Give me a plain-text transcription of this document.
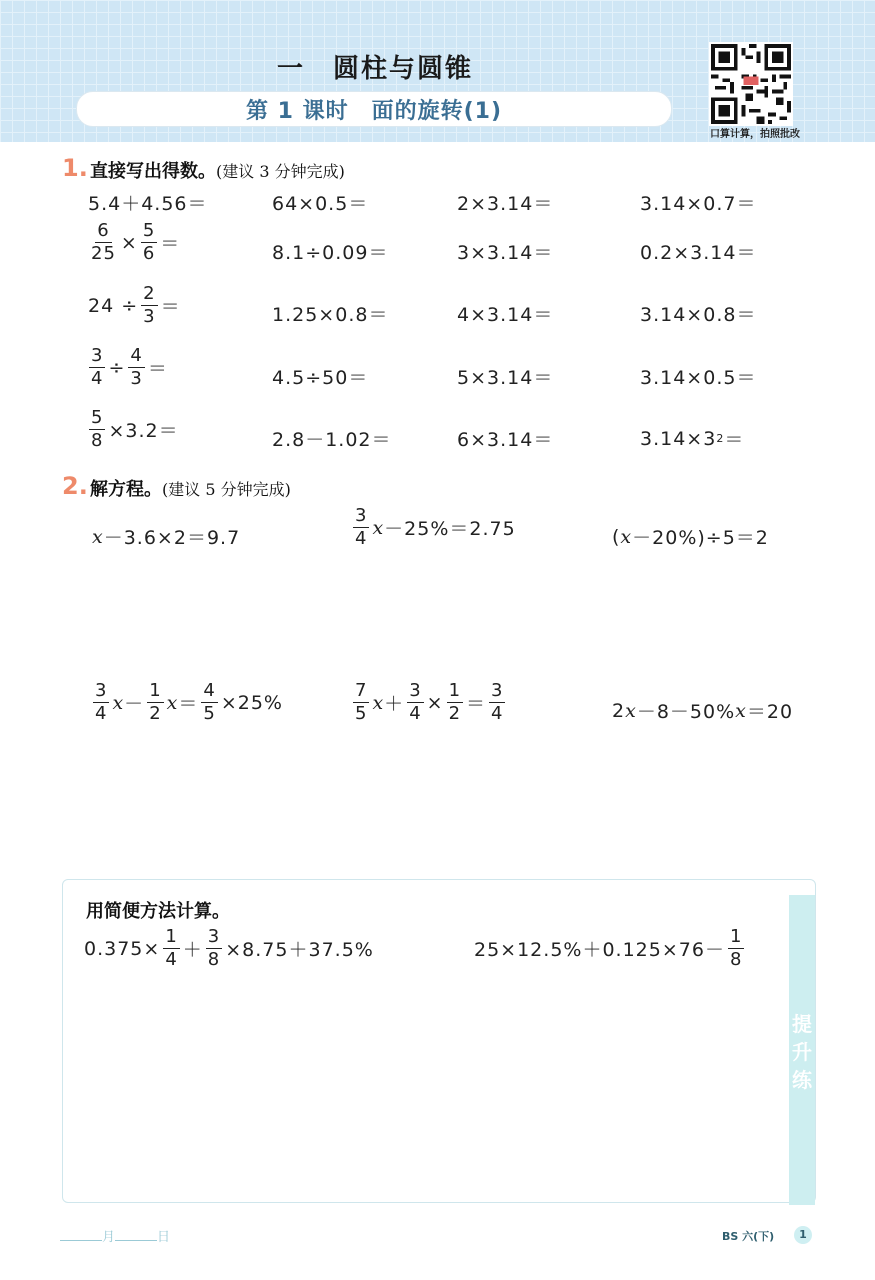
一　圆柱与圆锥
第 1 课时　面的旋转(1)
口算计算，拍照批改
1. 直接写出得数。(建议 3 分钟完成)
5.4＋4.56＝	64×0.5＝	2×3.14＝	3.14×0.7＝
$\frac{6}{25} \times \frac{5}{6}$ ＝	8.1÷0.09＝	3×3.14＝	0.2×3.14＝
$24 \div \frac{2}{3}$ ＝	1.25×0.8＝	4×3.14＝	3.14×0.8＝
$\frac{3}{4} \div \frac{4}{3}$ ＝	4.5÷50＝	5×3.14＝	3.14×0.5＝
$\frac{5}{8} \times 3.2=$	2.8－1.02＝	6×3.14＝	3.14×3 2 ＝
2. 解方程。(建议 5 分钟完成)
x －3.6×2＝9.7	$\frac{3}{4}$ x －25%＝2.75	( x －20%)÷5＝2
$\frac{3}{4}$ $x - \frac{1}{2}$ $x = \frac{4}{5} \times 25\%$	$\frac{7}{5}$ $x + \frac{3}{4} \times \frac{1}{2} = \frac{3}{4}$	2 x －8－50% x ＝20
提升练
用简便方法计算。
$0.375\times \frac{1}{4} + \frac{3}{8} \times 8.75+37.5\%$	$25\times 12.5\%+0.125\times 76- \frac{1}{8}$
月	日	BS 六(下)	1
